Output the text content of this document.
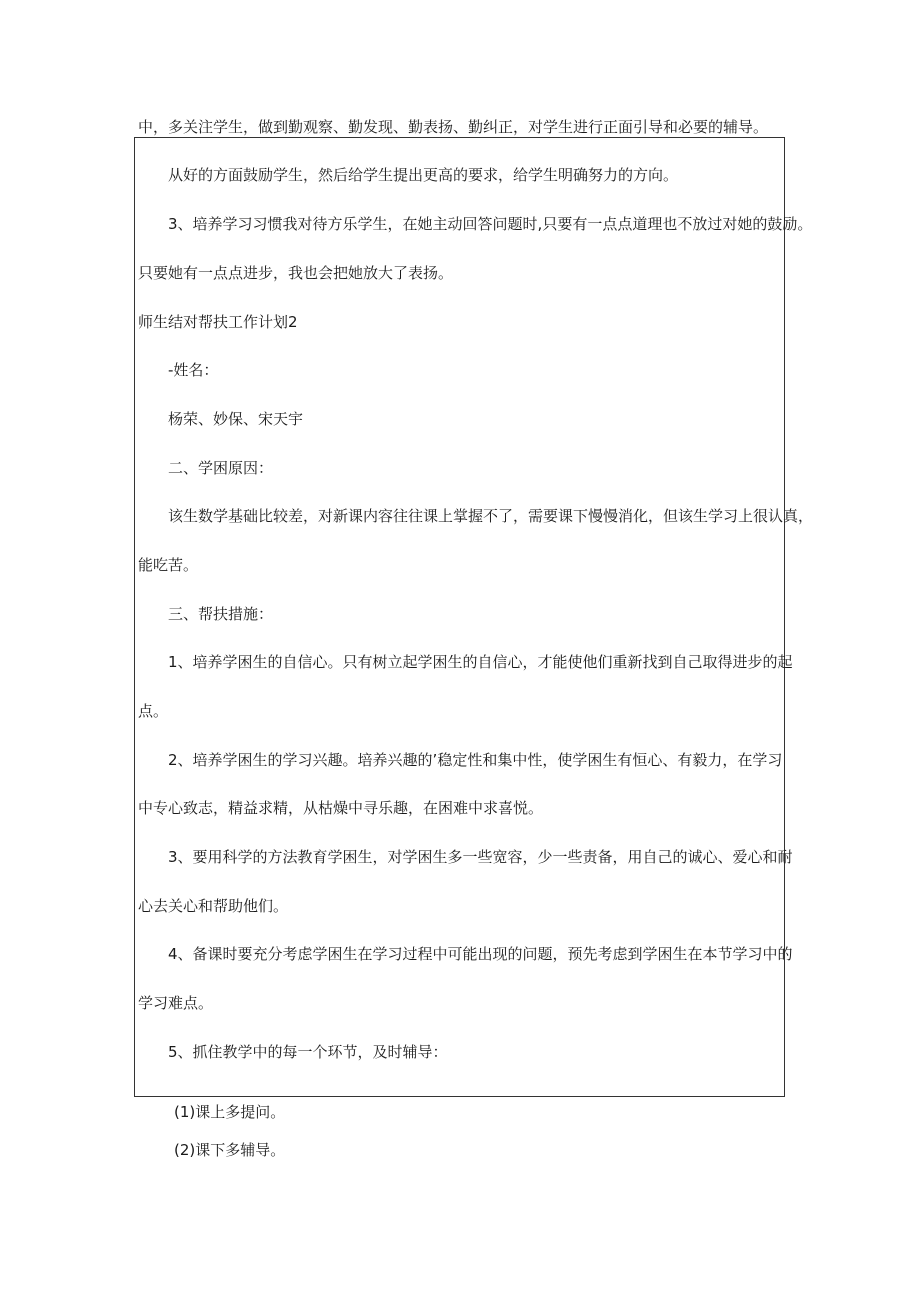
中，多关注学生，做到勤观察、勤发现、勤表扬、勤纠正，对学生进行正面引导和必要的辅导。

从好的方面鼓励学生，然后给学生提出更高的要求，给学生明确努力的方向。

3、培养学习习惯我对待方乐学生，在她主动回答问题时,只要有一点点道理也不放过对她的鼓励。

只要她有一点点进步，我也会把她放大了表扬。

师生结对帮扶工作计划2

-姓名：

杨荣、妙保、宋天宇

二、学困原因：

该生数学基础比较差，对新课内容往往课上掌握不了，需要课下慢慢消化，但该生学习上很认真，

能吃苦。

三、帮扶措施：

1、培养学困生的自信心。只有树立起学困生的自信心，才能使他们重新找到自己取得进步的起

点。

2、培养学困生的学习兴趣。培养兴趣的’稳定性和集中性，使学困生有恒心、有毅力，在学习

中专心致志，精益求精，从枯燥中寻乐趣，在困难中求喜悦。

3、要用科学的方法教育学困生，对学困生多一些宽容，少一些责备，用自己的诚心、爱心和耐

心去关心和帮助他们。

4、备课时要充分考虑学困生在学习过程中可能出现的问题，预先考虑到学困生在本节学习中的

学习难点。

5、抓住教学中的每一个环节，及时辅导：

(1)课上多提问。

(2)课下多辅导。
